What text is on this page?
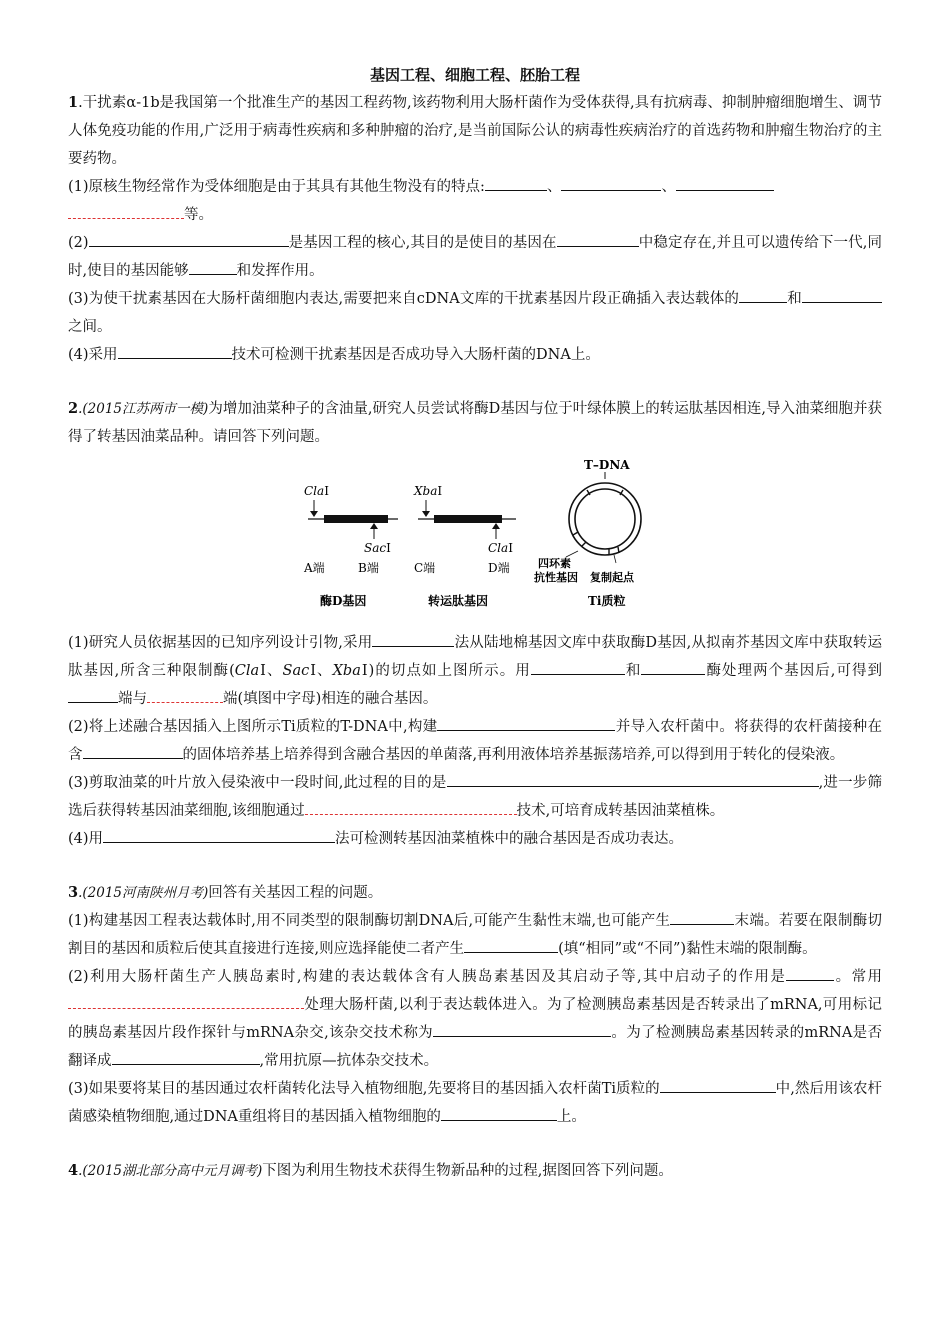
基因工程、细胞工程、胚胎工程

1.干扰素α-1b是我国第一个批准生产的基因工程药物,该药物利用大肠杆菌作为受体获得,具有抗病毒、抑制肿瘤细胞增生、调节人体免疫功能的作用,广泛用于病毒性疾病和多种肿瘤的治疗,是当前国际公认的病毒性疾病治疗的首选药物和肿瘤生物治疗的主要药物。

(1)原核生物经常作为受体细胞是由于其具有其他生物没有的特点:	、	、
等。

(2)	是基因工程的核心,其目的是使目的基因在	中稳定存在,并且可以遗传给下一代,同时,使目的基因能够	和发挥作用。

(3)为使干扰素基因在大肠杆菌细胞内表达,需要把来自cDNA文库的干扰素基因片段正确插入表达载体的	和之间。

(4)采用	技术可检测干扰素基因是否成功导入大肠杆菌的DNA上。

2.(2015江苏两市一模)为增加油菜种子的含油量,研究人员尝试将酶D基因与位于叶绿体膜上的转运肽基因相连,导入油菜细胞并获得了转基因油菜品种。请回答下列问题。

ClaⅠ
SacⅠ
A端	B端
酶D基因
XbaⅠ
ClaⅠ
C端	D端
转运肽基因
T–DNA
四环素
抗性基因 复制起点
Ti质粒

(1)研究人员依据基因的已知序列设计引物,采用	法从陆地棉基因文库中获取酶D基因,从拟南芥基因文库中获取转运肽基因,所含三种限制酶(ClaⅠ、SacⅠ、XbaⅠ)的切点如上图所示。用	和	酶处理两个基因后,可得到端与	端(填图中字母)相连的融合基因。

(2)将上述融合基因插入上图所示Ti质粒的T-DNA中,构建	并导入农杆菌中。将获得的农杆菌接种在含	的固体培养基上培养得到含融合基因的单菌落,再利用液体培养基振荡培养,可以得到用于转化的侵染液。

(3)剪取油菜的叶片放入侵染液中一段时间,此过程的目的是	,进一步筛选后获得转基因油菜细胞,该细胞通过	技术,可培育成转基因油菜植株。

(4)用	法可检测转基因油菜植株中的融合基因是否成功表达。

3.(2015河南陕州月考)回答有关基因工程的问题。

(1)构建基因工程表达载体时,用不同类型的限制酶切割DNA后,可能产生黏性末端,也可能产生	末端。若要在限制酶切割目的基因和质粒后使其直接进行连接,则应选择能使二者产生	(填“相同”或“不同”)黏性末端的限制酶。

(2)利用大肠杆菌生产人胰岛素时,构建的表达载体含有人胰岛素基因及其启动子等,其中启动子的作用是	。常用处理大肠杆菌,以利于表达载体进入。为了检测胰岛素基因是否转录出了mRNA,可用标记的胰岛素基因片段作探针与mRNA杂交,该杂交技术称为	。为了检测胰岛素基因转录的mRNA是否翻译成	,常用抗原—抗体杂交技术。

(3)如果要将某目的基因通过农杆菌转化法导入植物细胞,先要将目的基因插入农杆菌Ti质粒的	中,然后用该农杆菌感染植物细胞,通过DNA重组将目的基因插入植物细胞的	上。

4.(2015湖北部分高中元月调考)下图为利用生物技术获得生物新品种的过程,据图回答下列问题。
